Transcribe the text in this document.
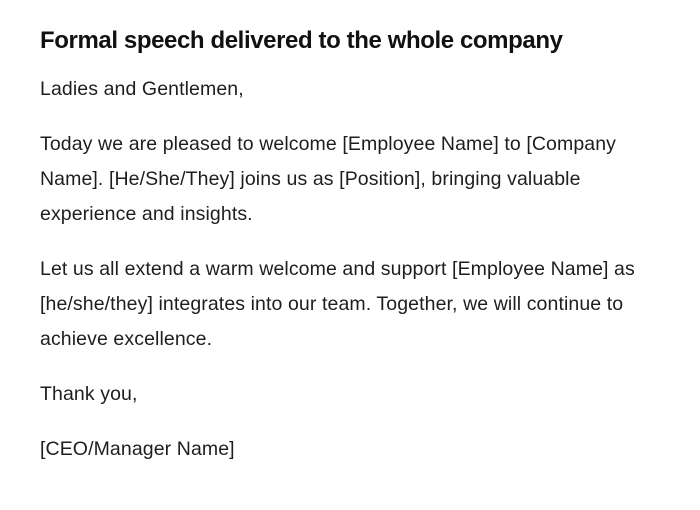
Formal speech delivered to the whole company

Ladies and Gentlemen,

Today we are pleased to welcome [Employee Name] to [Company Name]. [He/She/They] joins us as [Position], bringing valuable experience and insights.

Let us all extend a warm welcome and support [Employee Name] as [he/she/they] integrates into our team. Together, we will continue to achieve excellence.

Thank you,

[CEO/Manager Name]
